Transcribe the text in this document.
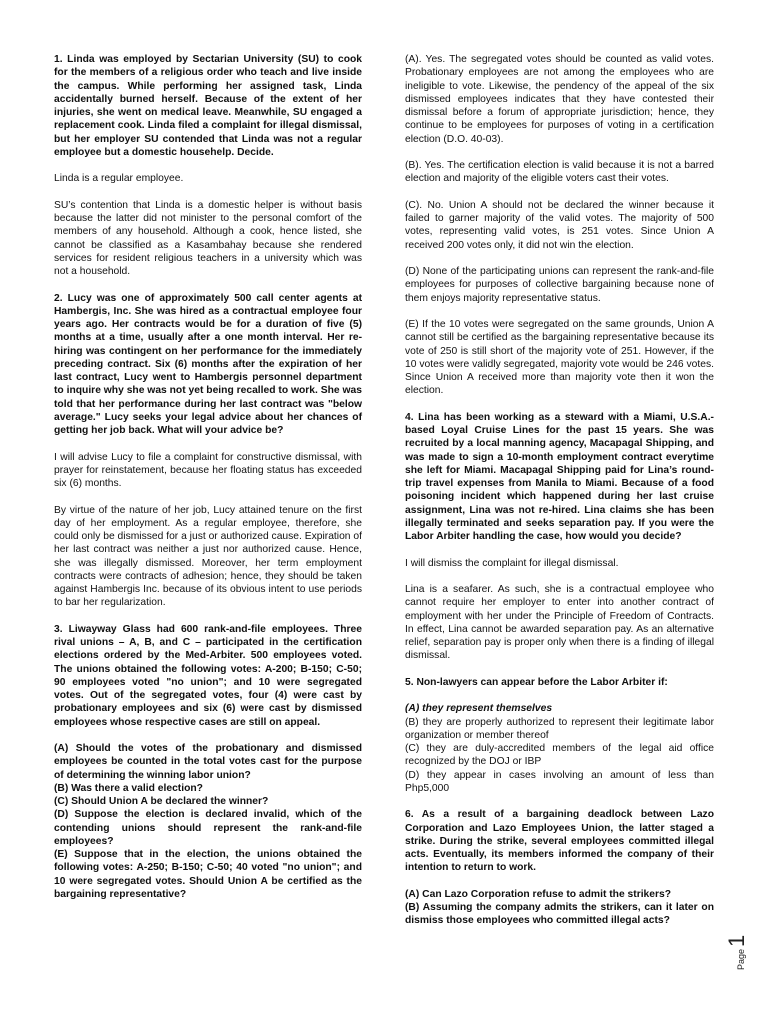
1. Linda was employed by Sectarian University (SU) to cook for the members of a religious order who teach and live inside the campus. While performing her assigned task, Linda accidentally burned herself. Because of the extent of her injuries, she went on medical leave. Meanwhile, SU engaged a replacement cook. Linda filed a complaint for illegal dismissal, but her employer SU contended that Linda was not a regular employee but a domestic househelp. Decide.

Linda is a regular employee.

SU’s contention that Linda is a domestic helper is without basis because the latter did not minister to the personal comfort of the members of any household. Although a cook, hence listed, she cannot be classified as a Kasambahay because she rendered services for resident religious teachers in a university which was not a household.

2. Lucy was one of approximately 500 call center agents at Hambergis, Inc. She was hired as a contractual employee four years ago. Her contracts would be for a duration of five (5) months at a time, usually after a one month interval. Her re-hiring was contingent on her performance for the immediately preceding contract. Six (6) months after the expiration of her last contract, Lucy went to Hambergis personnel department to inquire why she was not yet being recalled to work. She was told that her performance during her last contract was "below average." Lucy seeks your legal advice about her chances of getting her job back. What will your advice be?

I will advise Lucy to file a complaint for constructive dismissal, with prayer for reinstatement, because her floating status has exceeded six (6) months.

By virtue of the nature of her job, Lucy attained tenure on the first day of her employment. As a regular employee, therefore, she could only be dismissed for a just or authorized cause. Expiration of her last contract was neither a just nor authorized cause. Hence, she was illegally dismissed. Moreover, her term employment contracts were contracts of adhesion; hence, they should be taken against Hambergis Inc. because of its obvious intent to use periods to bar her regularization.

3. Liwayway Glass had 600 rank-and-file employees. Three rival unions – A, B, and C – participated in the certification elections ordered by the Med-Arbiter. 500 employees voted. The unions obtained the following votes: A-200; B-150; C-50; 90 employees voted "no union"; and 10 were segregated votes. Out of the segregated votes, four (4) were cast by probationary employees and six (6) were cast by dismissed employees whose respective cases are still on appeal.

(A) Should the votes of the probationary and dismissed employees be counted in the total votes cast for the purpose of determining the winning labor union?

(B) Was there a valid election?

(C) Should Union A be declared the winner?

(D) Suppose the election is declared invalid, which of the contending unions should represent the rank-and-file employees?

(E) Suppose that in the election, the unions obtained the following votes: A-250; B-150; C-50; 40 voted "no union"; and 10 were segregated votes. Should Union A be certified as the bargaining representative?

(A). Yes. The segregated votes should be counted as valid votes. Probationary employees are not among the employees who are ineligible to vote. Likewise, the pendency of the appeal of the six dismissed employees indicates that they have contested their dismissal before a forum of appropriate jurisdiction; hence, they continue to be employees for purposes of voting in a certification election (D.O. 40-03).

(B). Yes. The certification election is valid because it is not a barred election and majority of the eligible voters cast their votes.

(C). No. Union A should not be declared the winner because it failed to garner majority of the valid votes. The majority of 500 votes, representing valid votes, is 251 votes. Since Union A received 200 votes only, it did not win the election.

(D) None of the participating unions can represent the rank-and-file employees for purposes of collective bargaining because none of them enjoys majority representative status.

(E) If the 10 votes were segregated on the same grounds, Union A cannot still be certified as the bargaining representative because its vote of 250 is still short of the majority vote of 251. However, if the 10 votes were validly segregated, majority vote would be 246 votes. Since Union A received more than majority vote then it won the election.

4. Lina has been working as a steward with a Miami, U.S.A.-based Loyal Cruise Lines for the past 15 years. She was recruited by a local manning agency, Macapagal Shipping, and was made to sign a 10-month employment contract everytime she left for Miami. Macapagal Shipping paid for Lina’s round-trip travel expenses from Manila to Miami. Because of a food poisoning incident which happened during her last cruise assignment, Lina was not re-hired. Lina claims she has been illegally terminated and seeks separation pay. If you were the Labor Arbiter handling the case, how would you decide?

I will dismiss the complaint for illegal dismissal.

Lina is a seafarer. As such, she is a contractual employee who cannot require her employer to enter into another contract of employment with her under the Principle of Freedom of Contracts. In effect, Lina cannot be awarded separation pay. As an alternative relief, separation pay is proper only when there is a finding of illegal dismissal.

5. Non-lawyers can appear before the Labor Arbiter if:

(A) they represent themselves

(B) they are properly authorized to represent their legitimate labor organization or member thereof

(C) they are duly-accredited members of the legal aid office recognized by the DOJ or IBP

(D) they appear in cases involving an amount of less than Php5,000

6. As a result of a bargaining deadlock between Lazo Corporation and Lazo Employees Union, the latter staged a strike. During the strike, several employees committed illegal acts. Eventually, its members informed the company of their intention to return to work.

(A) Can Lazo Corporation refuse to admit the strikers?

(B) Assuming the company admits the strikers, can it later on dismiss those employees who committed illegal acts?

Page
1
